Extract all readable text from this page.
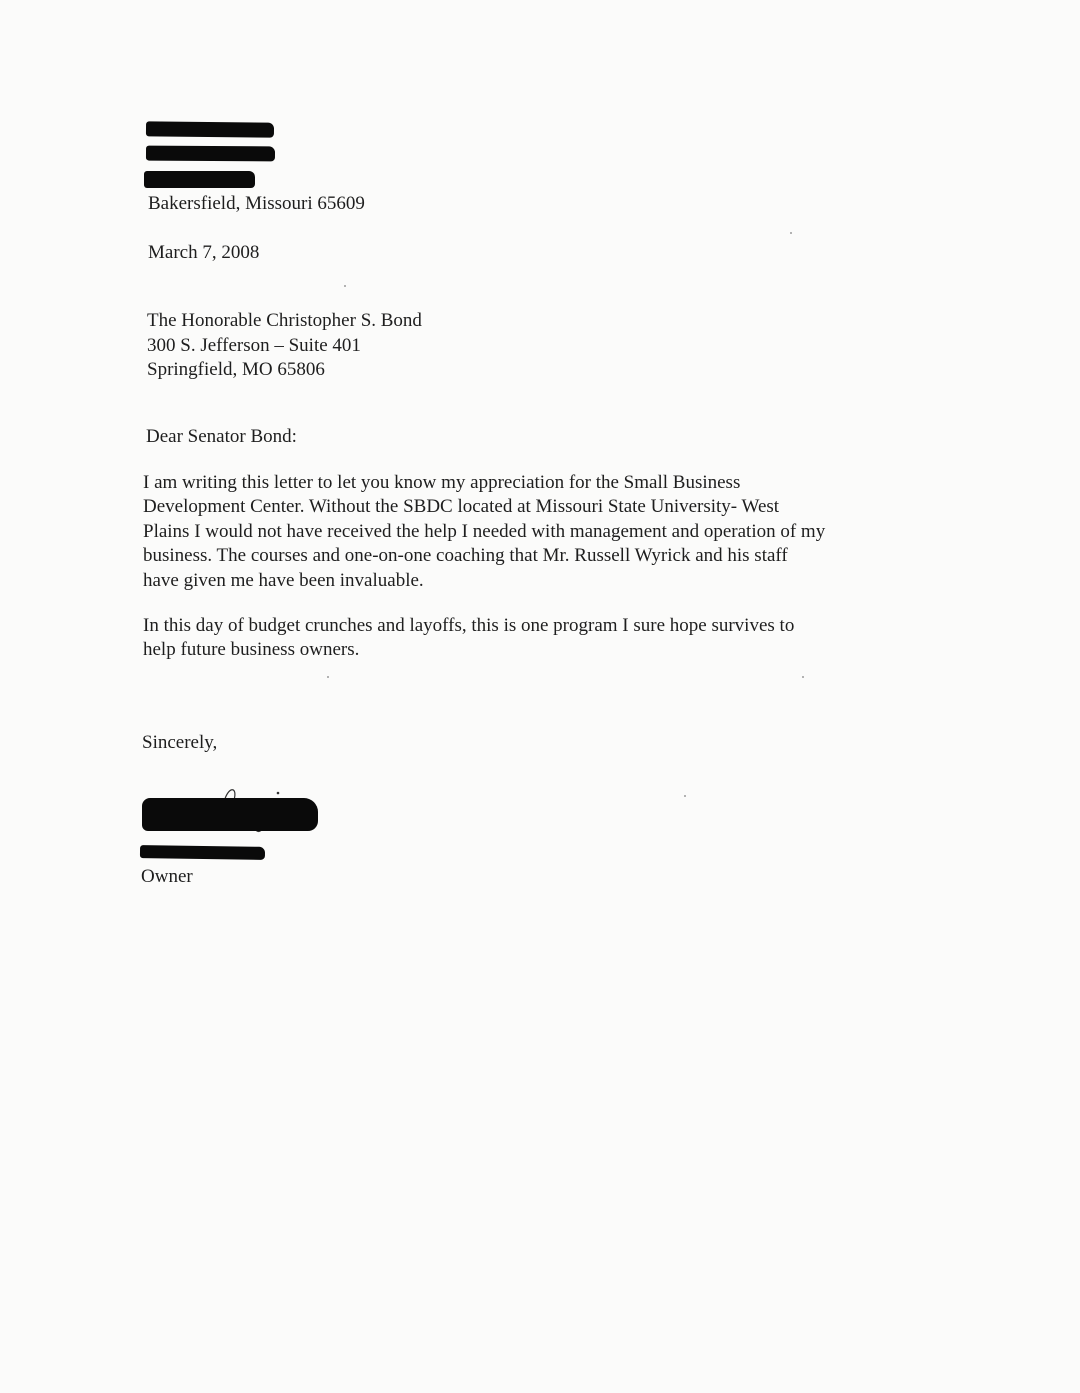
Bakersfield, Missouri 65609
March 7, 2008
The Honorable Christopher S. Bond
300 S. Jefferson – Suite 401
Springfield, MO 65806
Dear Senator Bond:
I am writing this letter to let you know my appreciation for the Small Business
Development Center. Without the SBDC located at Missouri State University- West
Plains I would not have received the help I needed with management and operation of my
business. The courses and one-on-one coaching that Mr. Russell Wyrick and his staff
have given me have been invaluable.
In this day of budget crunches and layoffs, this is one program I sure hope survives to
help future business owners.
Sincerely,
Owner
